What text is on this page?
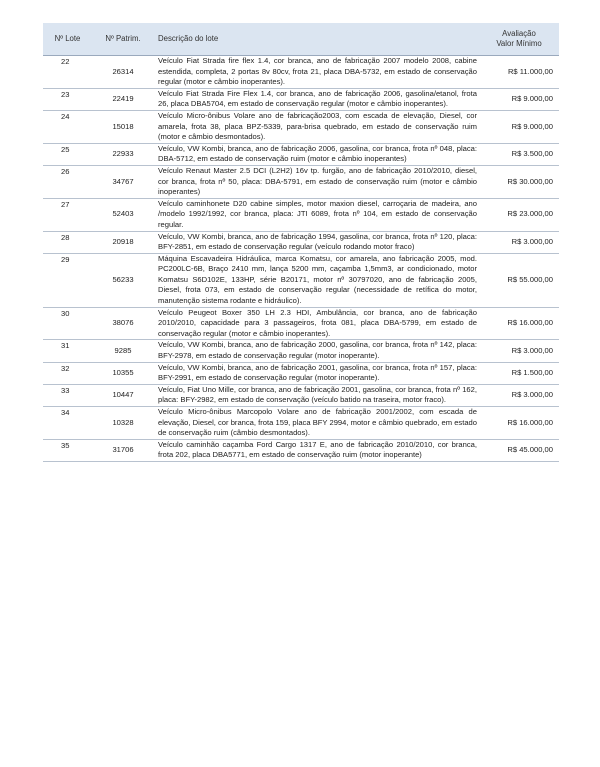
Nº Lote	Nº Patrim.	Descrição do lote	Avaliação
Valor Mínimo
22	26314	Veículo Fiat Strada fire flex 1.4, cor branca, ano de fabricação 2007 modelo 2008, cabine estendida, completa, 2 portas 8v 80cv, frota 21, placa DBA-5732, em estado de conservação regular (motor e câmbio inoperantes).	R$ 11.000,00
23	22419	Veículo Fiat Strada Fire Flex 1.4, cor branca, ano de fabricação 2006, gasolina/etanol, frota 26, placa DBA5704, em estado de conservação regular (motor e câmbio inoperantes).	R$ 9.000,00
24	15018	Veículo Micro-ônibus Volare ano de fabricação2003, com escada de elevação, Diesel, cor amarela, frota 38, placa BPZ-5339, para-brisa quebrado, em estado de conservação ruim (motor e câmbio desmontados).	R$ 9.000,00
25	22933	Veículo, VW Kombi, branca, ano de fabricação 2006, gasolina, cor branca, frota nº 048, placa: DBA-5712, em estado de conservação ruim (motor e câmbio inoperantes)	R$ 3.500,00
26	34767	Veículo Renaut Master 2.5 DCI (L2H2) 16v tp. furgão, ano de fabricação 2010/2010, diesel, cor branca, frota nº 50, placa: DBA-5791, em estado de conservação ruim (motor e câmbio inoperantes)	R$ 30.000,00
27	52403	Veículo caminhonete D20 cabine simples, motor maxion diesel, carroçaria de madeira, ano /modelo 1992/1992, cor branca, placa: JTI 6089, frota nº 104, em estado de conservação regular.	R$ 23.000,00
28	20918	Veículo, VW Kombi, branca, ano de fabricação 1994, gasolina, cor branca, frota nº 120, placa: BFY-2851, em estado de conservação regular (veículo rodando motor fraco)	R$ 3.000,00
29	56233	Máquina Escavadeira Hidráulica, marca Komatsu, cor amarela, ano fabricação 2005, mod. PC200LC-6B, Braço 2410 mm, lança 5200 mm, caçamba 1,5mm3, ar condicionado, motor Komatsu S6D102E, 133HP, série B20171, motor nº 30797020, ano de fabricação 2005, Diesel, frota 073, em estado de conservação regular (necessidade de retífica do motor, manutenção sistema rodante e hidráulico).	R$ 55.000,00
30	38076	Veículo Peugeot Boxer 350 LH 2.3 HDI, Ambulância, cor branca, ano de fabricação 2010/2010, capacidade para 3 passageiros, frota 081, placa DBA-5799, em estado de conservação regular (motor e câmbio inoperantes).	R$ 16.000,00
31	9285	Veículo, VW Kombi, branca, ano de fabricação 2000, gasolina, cor branca, frota nº 142, placa: BFY-2978, em estado de conservação regular (motor inoperante).	R$ 3.000,00
32	10355	Veículo, VW Kombi, branca, ano de fabricação 2001, gasolina, cor branca, frota nº 157, placa: BFY-2991, em estado de conservação regular (motor inoperante).	R$ 1.500,00
33	10447	Veículo, Fiat Uno Mille, cor branca, ano de fabricação 2001, gasolina, cor branca, frota nº 162, placa: BFY-2982, em estado de conservação (veículo batido na traseira, motor fraco).	R$ 3.000,00
34	10328	Veículo Micro-ônibus Marcopolo Volare ano de fabricação 2001/2002, com escada de elevação, Diesel, cor branca, frota 159, placa BFY 2994, motor e câmbio quebrado, em estado de conservação ruim (câmbio desmontados).	R$ 16.000,00
35	31706	Veículo caminhão caçamba Ford Cargo 1317 E, ano de fabricação 2010/2010, cor branca, frota 202, placa DBA5771, em estado de conservação ruim (motor inoperante)	R$ 45.000,00
